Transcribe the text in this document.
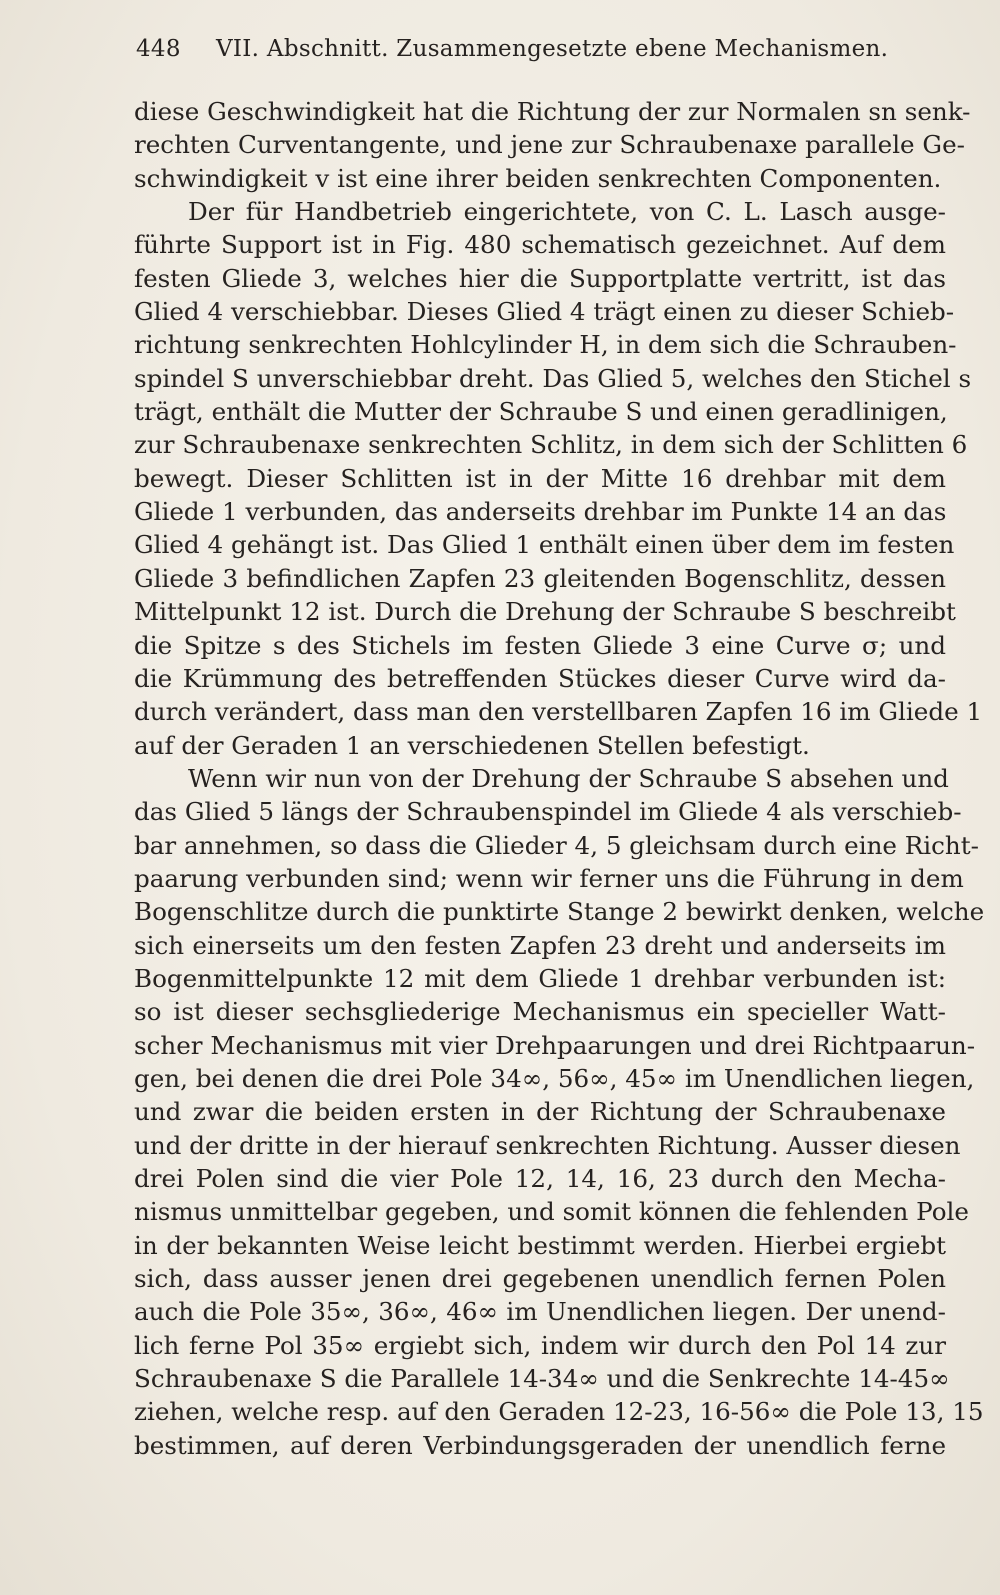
448 VII. Abschnitt. Zusammengesetzte ebene Mechanismen.
diese Geschwindigkeit hat die Richtung der zur Normalen sn senk-
rechten Curventangente, und jene zur Schraubenaxe parallele Ge-
schwindigkeit v ist eine ihrer beiden senkrechten Componenten.
Der für Handbetrieb eingerichtete, von C. L. Lasch ausge-
führte Support ist in Fig. 480 schematisch gezeichnet. Auf dem
festen Gliede 3, welches hier die Supportplatte vertritt, ist das
Glied 4 verschiebbar. Dieses Glied 4 trägt einen zu dieser Schieb-
richtung senkrechten Hohlcylinder H, in dem sich die Schrauben-
spindel S unverschiebbar dreht. Das Glied 5, welches den Stichel s
trägt, enthält die Mutter der Schraube S und einen geradlinigen,
zur Schraubenaxe senkrechten Schlitz, in dem sich der Schlitten 6
bewegt. Dieser Schlitten ist in der Mitte 16 drehbar mit dem
Gliede 1 verbunden, das anderseits drehbar im Punkte 14 an das
Glied 4 gehängt ist. Das Glied 1 enthält einen über dem im festen
Gliede 3 befindlichen Zapfen 23 gleitenden Bogenschlitz, dessen
Mittelpunkt 12 ist. Durch die Drehung der Schraube S beschreibt
die Spitze s des Stichels im festen Gliede 3 eine Curve σ; und
die Krümmung des betreffenden Stückes dieser Curve wird da-
durch verändert, dass man den verstellbaren Zapfen 16 im Gliede 1
auf der Geraden 1 an verschiedenen Stellen befestigt.
Wenn wir nun von der Drehung der Schraube S absehen und
das Glied 5 längs der Schraubenspindel im Gliede 4 als verschieb-
bar annehmen, so dass die Glieder 4, 5 gleichsam durch eine Richt-
paarung verbunden sind; wenn wir ferner uns die Führung in dem
Bogenschlitze durch die punktirte Stange 2 bewirkt denken, welche
sich einerseits um den festen Zapfen 23 dreht und anderseits im
Bogenmittelpunkte 12 mit dem Gliede 1 drehbar verbunden ist:
so ist dieser sechsgliederige Mechanismus ein specieller Watt-
scher Mechanismus mit vier Drehpaarungen und drei Richtpaarun-
gen, bei denen die drei Pole 34∞, 56∞, 45∞ im Unendlichen liegen,
und zwar die beiden ersten in der Richtung der Schraubenaxe
und der dritte in der hierauf senkrechten Richtung. Ausser diesen
drei Polen sind die vier Pole 12, 14, 16, 23 durch den Mecha-
nismus unmittelbar gegeben, und somit können die fehlenden Pole
in der bekannten Weise leicht bestimmt werden. Hierbei ergiebt
sich, dass ausser jenen drei gegebenen unendlich fernen Polen
auch die Pole 35∞, 36∞, 46∞ im Unendlichen liegen. Der unend-
lich ferne Pol 35∞ ergiebt sich, indem wir durch den Pol 14 zur
Schraubenaxe S die Parallele 14-34∞ und die Senkrechte 14-45∞
ziehen, welche resp. auf den Geraden 12-23, 16-56∞ die Pole 13, 15
bestimmen, auf deren Verbindungsgeraden der unendlich ferne
